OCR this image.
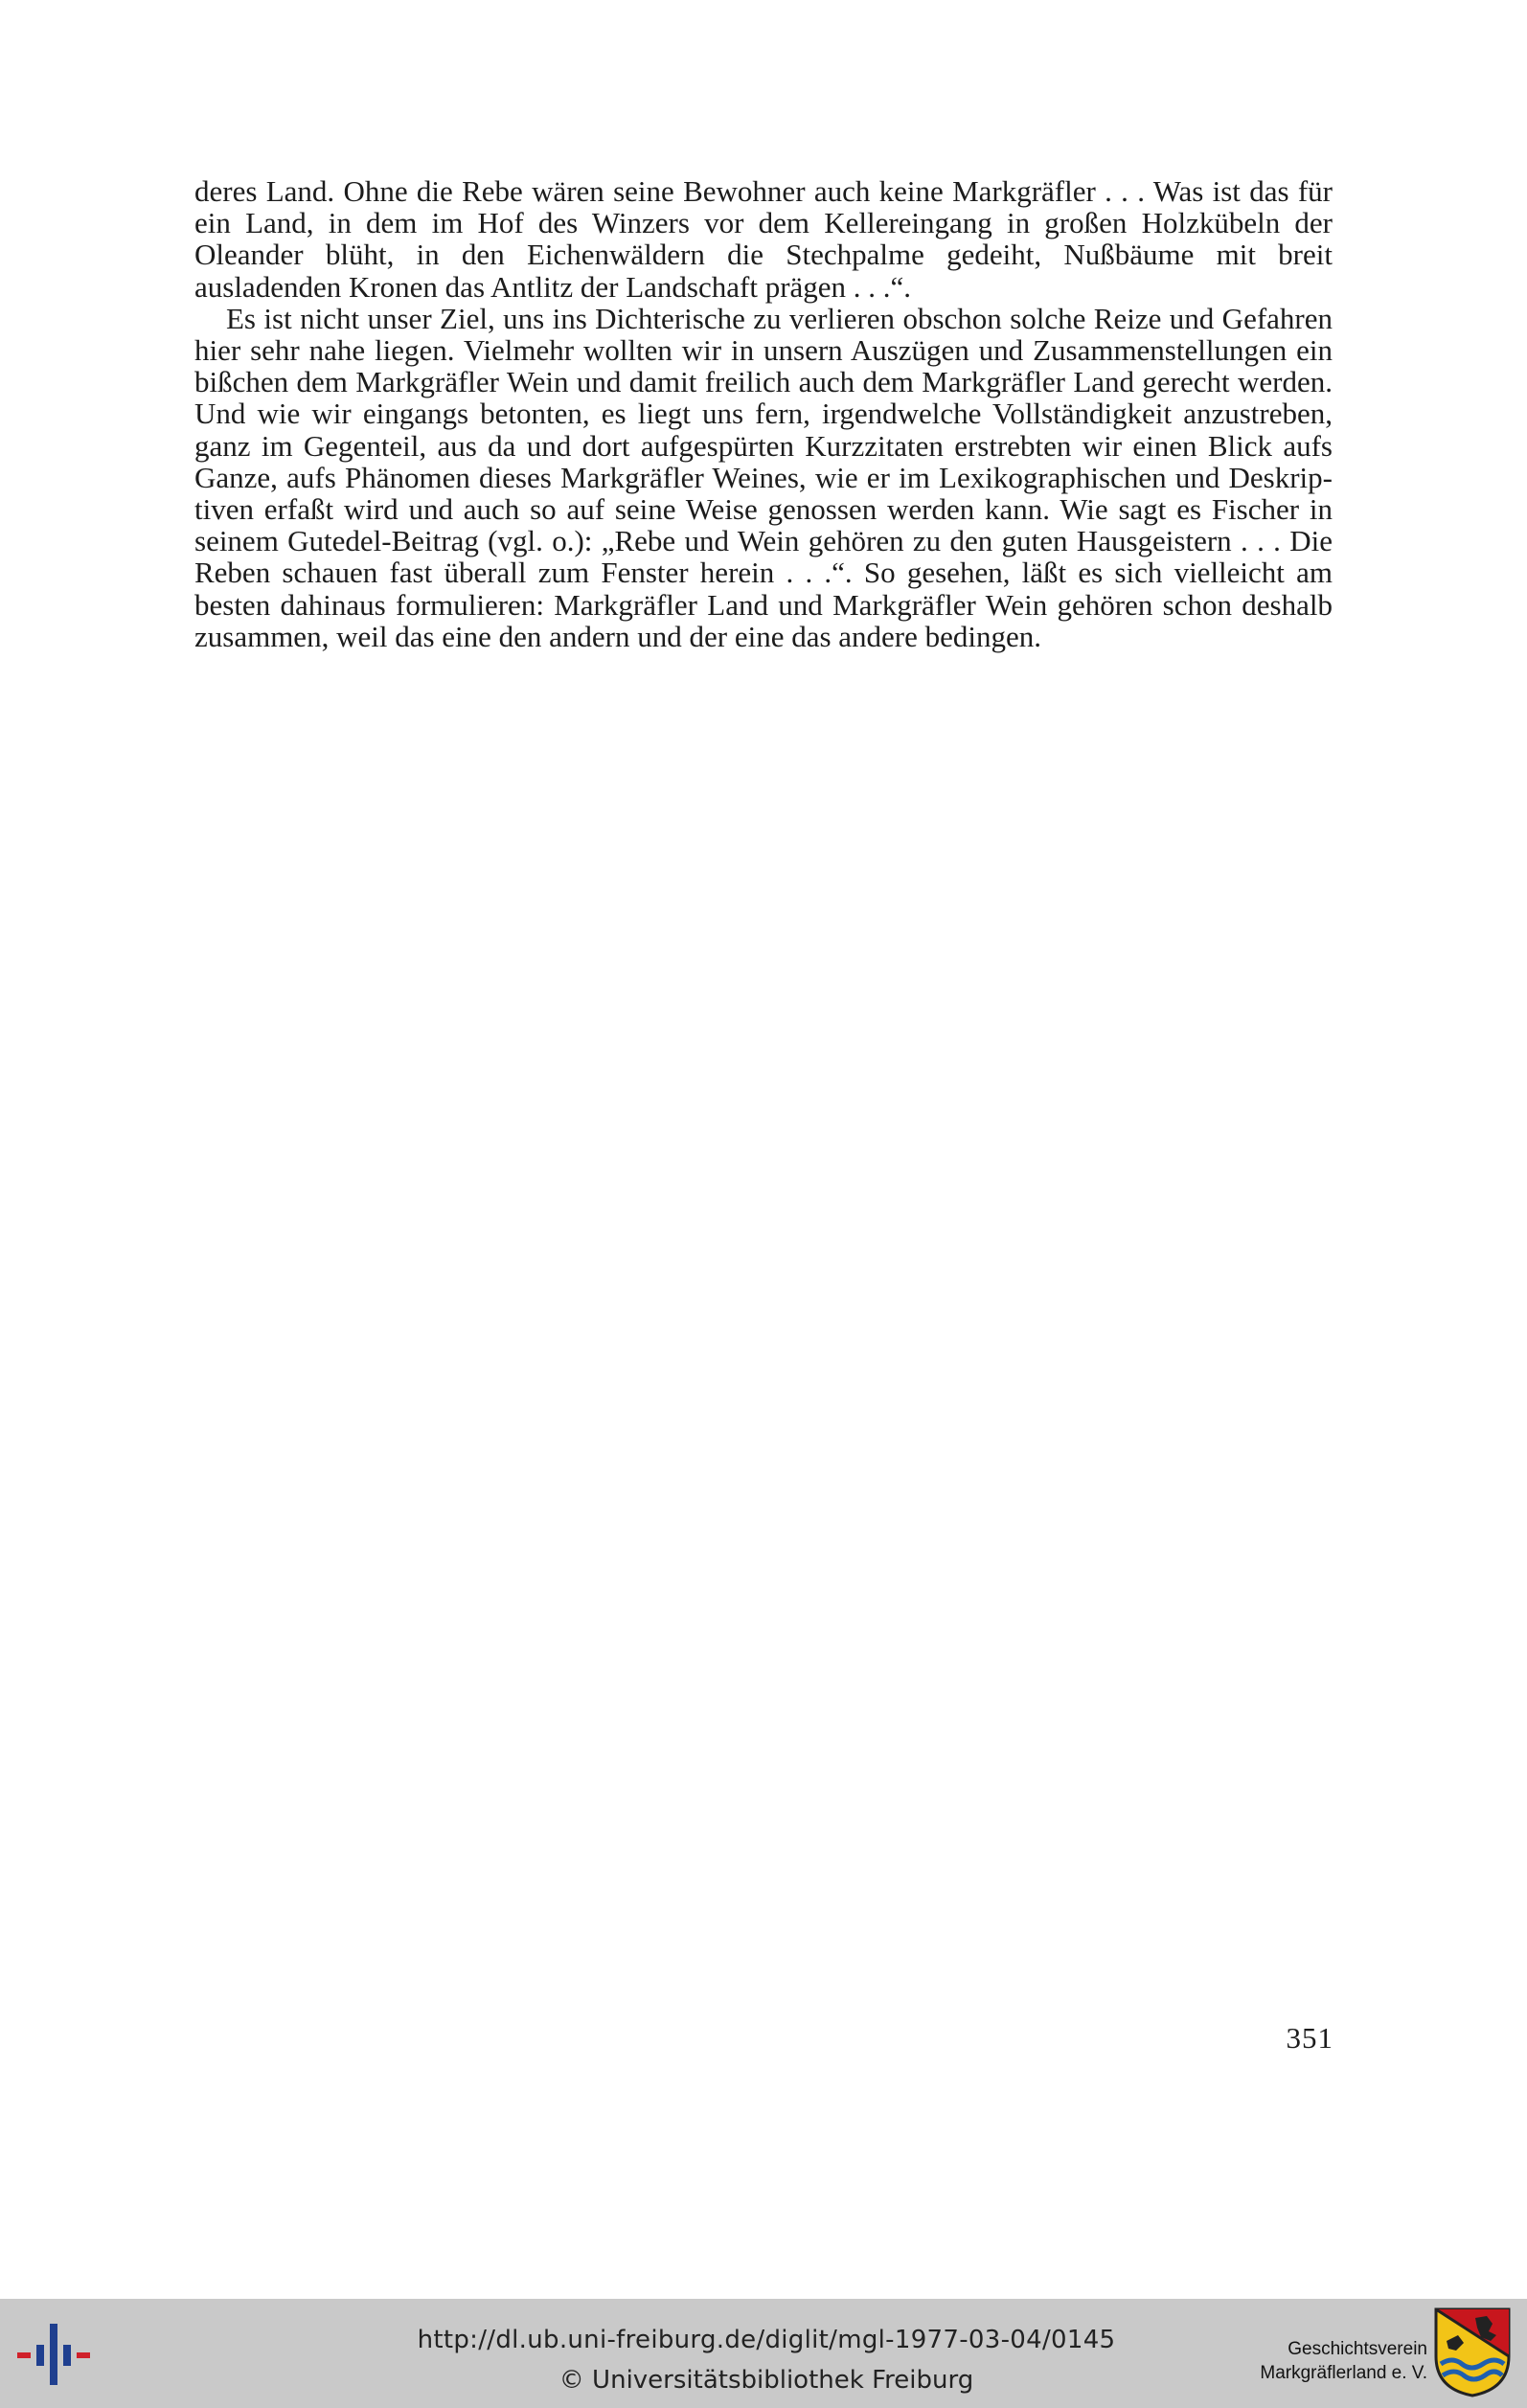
deres Land. Ohne die Rebe wären seine Bewohner auch keine Markgräfler . . . Was ist das für ein Land, in dem im Hof des Winzers vor dem Kellereingang in großen Holzkübeln der Oleander blüht, in den Eichenwäldern die Stechpalme gedeiht, Nußbäume mit breit ausladenden Kronen das Antlitz der Landschaft prägen . . .“.

Es ist nicht unser Ziel, uns ins Dichterische zu verlieren obschon solche Reize und Gefahren hier sehr nahe liegen. Vielmehr wollten wir in unsern Auszügen und Zusammenstellungen ein bißchen dem Markgräfler Wein und damit freilich auch dem Markgräfler Land gerecht werden. Und wie wir eingangs betonten, es liegt uns fern, irgendwelche Vollständigkeit anzustreben, ganz im Gegenteil, aus da und dort aufgespürten Kurzzitaten erstrebten wir einen Blick aufs Ganze, aufs Phänomen dieses Markgräfler Weines, wie er im Lexikographischen und Deskriptiven erfaßt wird und auch so auf seine Weise genossen werden kann. Wie sagt es Fischer in seinem Gutedel-Beitrag (vgl. o.): „Rebe und Wein gehören zu den guten Hausgeistern . . . Die Reben schauen fast überall zum Fenster herein . . .“. So gesehen, läßt es sich vielleicht am besten dahinaus formulieren: Markgräfler Land und Markgräfler Wein gehören schon deshalb zusammen, weil das eine den andern und der eine das andere bedingen.

351
http://dl.ub.uni-freiburg.de/diglit/mgl-1977-03-04/0145
© Universitätsbibliothek Freiburg
Geschichtsverein
Markgräflerland e. V.
